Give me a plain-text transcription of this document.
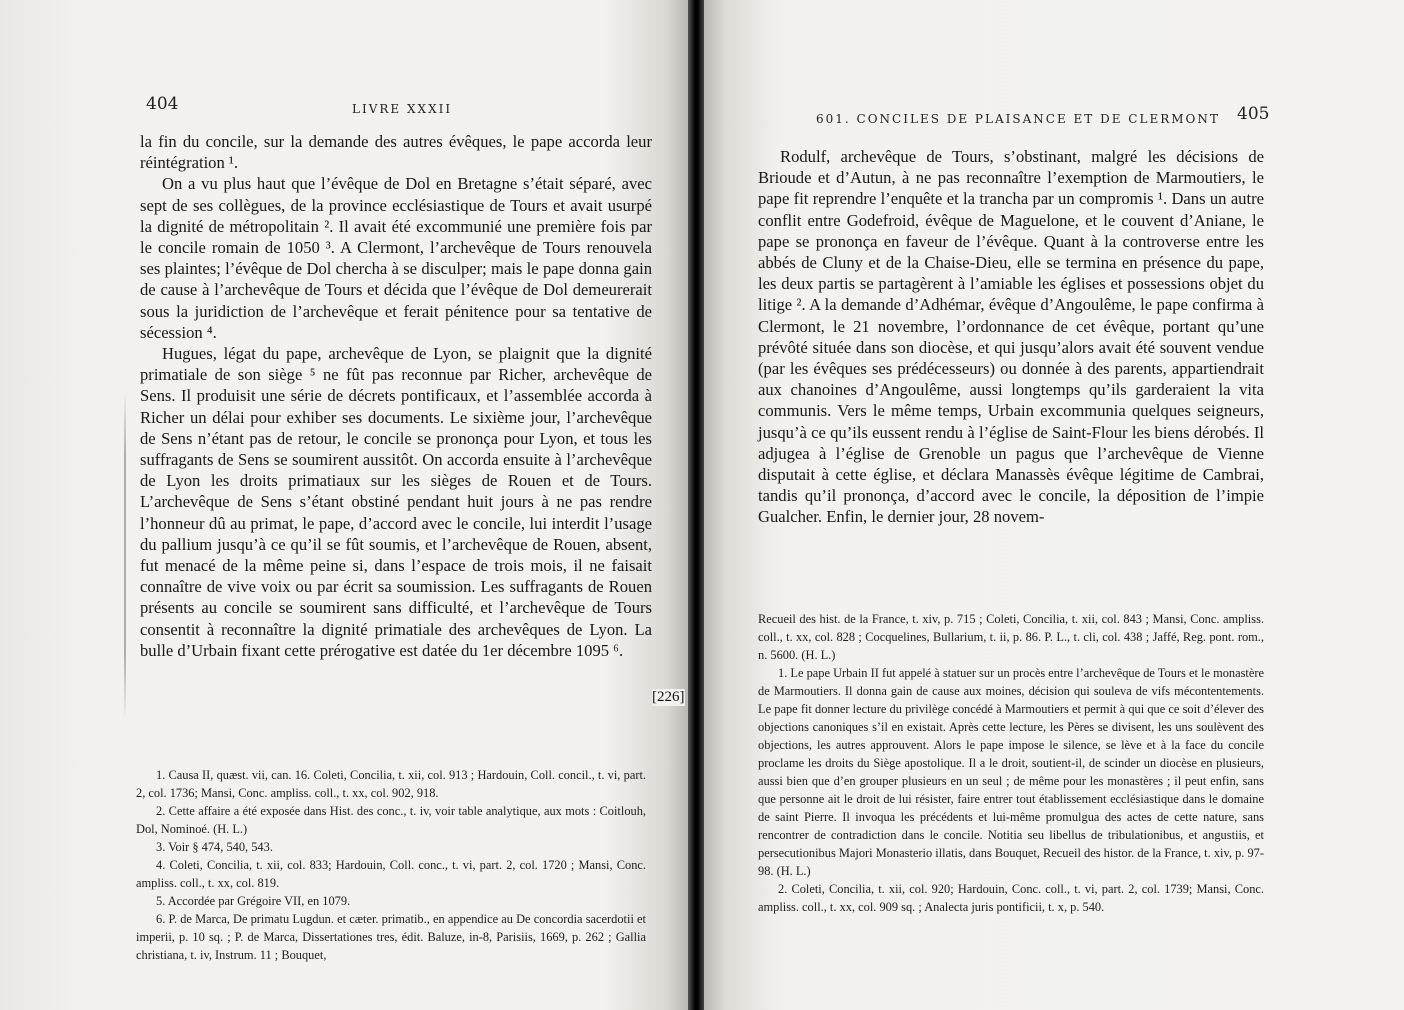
404	LIVRE XXXII

la fin du concile, sur la demande des autres évêques, le pape accorda leur réintégration ¹.

On a vu plus haut que l’évêque de Dol en Bretagne s’était séparé, avec sept de ses collègues, de la province ecclésiastique de Tours et avait usurpé la dignité de métropolitain ². Il avait été excommunié une première fois par le concile romain de 1050 ³. A Clermont, l’archevêque de Tours renouvela ses plaintes; l’évêque de Dol chercha à se disculper; mais le pape donna gain de cause à l’archevêque de Tours et décida que l’évêque de Dol demeurerait sous la juridiction de l’archevêque et ferait pénitence pour sa tentative de sécession ⁴.

Hugues, légat du pape, archevêque de Lyon, se plaignit que la dignité primatiale de son siège ⁵ ne fût pas reconnue par Richer, archevêque de Sens. Il produisit une série de décrets pontificaux, et l’assemblée accorda à Richer un délai pour exhiber ses documents. Le sixième jour, l’archevêque de Sens n’étant pas de retour, le concile se prononça pour Lyon, et tous les suffragants de Sens se soumirent aussitôt. On accorda ensuite à l’archevêque de Lyon les droits primatiaux sur les sièges de Rouen et de Tours. L’archevêque de Sens s’étant obstiné pendant huit jours à ne pas rendre l’honneur dû au primat, le pape, d’accord avec le concile, lui interdit l’usage du pallium jusqu’à ce qu’il se fût soumis, et l’archevêque de Rouen, absent, fut menacé de la même peine si, dans l’espace de trois mois, il ne faisait connaître de vive voix ou par écrit sa soumission. Les suffragants de Rouen présents au concile se soumirent sans difficulté, et l’archevêque de Tours consentit à reconnaître la dignité primatiale des archevêques de Lyon. La bulle d’Urbain fixant cette prérogative est datée du 1er décembre 1095 ⁶.

1. Causa II, quæst. vii, can. 16. Coleti, Concilia, t. xii, col. 913 ; Hardouin, Coll. concil., t. vi, part. 2, col. 1736; Mansi, Conc. ampliss. coll., t. xx, col. 902, 918.

2. Cette affaire a été exposée dans Hist. des conc., t. iv, voir table analytique, aux mots : Coitlouh, Dol, Nominoé. (H. L.)

3. Voir § 474, 540, 543.

4. Coleti, Concilia, t. xii, col. 833; Hardouin, Coll. conc., t. vi, part. 2, col. 1720 ; Mansi, Conc. ampliss. coll., t. xx, col. 819.

5. Accordée par Grégoire VII, en 1079.

6. P. de Marca, De primatu Lugdun. et cæter. primatib., en appendice au De concordia sacerdotii et imperii, p. 10 sq. ; P. de Marca, Dissertationes tres, édit. Baluze, in-8, Parisiis, 1669, p. 262 ; Gallia christiana, t. iv, Instrum. 11 ; Bouquet,

[226]
601. CONCILES DE PLAISANCE ET DE CLERMONT 405

Rodulf, archevêque de Tours, s’obstinant, malgré les décisions de Brioude et d’Autun, à ne pas reconnaître l’exemption de Marmoutiers, le pape fit reprendre l’enquête et la trancha par un compromis ¹. Dans un autre conflit entre Godefroid, évêque de Maguelone, et le couvent d’Aniane, le pape se prononça en faveur de l’évêque. Quant à la controverse entre les abbés de Cluny et de la Chaise-Dieu, elle se termina en présence du pape, les deux partis se partagèrent à l’amiable les églises et possessions objet du litige ². A la demande d’Adhémar, évêque d’Angoulême, le pape confirma à Clermont, le 21 novembre, l’ordonnance de cet évêque, portant qu’une prévôté située dans son diocèse, et qui jusqu’alors avait été souvent vendue (par les évêques ses prédécesseurs) ou donnée à des parents, appartiendrait aux chanoines d’Angoulême, aussi longtemps qu’ils garderaient la vita communis. Vers le même temps, Urbain excommunia quelques seigneurs, jusqu’à ce qu’ils eussent rendu à l’église de Saint-Flour les biens dérobés. Il adjugea à l’église de Grenoble un pagus que l’archevêque de Vienne disputait à cette église, et déclara Manassès évêque légitime de Cambrai, tandis qu’il prononça, d’accord avec le concile, la déposition de l’impie Gualcher. Enfin, le dernier jour, 28 novem-

Recueil des hist. de la France, t. xiv, p. 715 ; Coleti, Concilia, t. xii, col. 843 ; Mansi, Conc. ampliss. coll., t. xx, col. 828 ; Cocquelines, Bullarium, t. ii, p. 86. P. L., t. cli, col. 438 ; Jaffé, Reg. pont. rom., n. 5600. (H. L.)

1. Le pape Urbain II fut appelé à statuer sur un procès entre l’archevêque de Tours et le monastère de Marmoutiers. Il donna gain de cause aux moines, décision qui souleva de vifs mécontentements. Le pape fit donner lecture du privilège concédé à Marmoutiers et permit à qui que ce soit d’élever des objections canoniques s’il en existait. Après cette lecture, les Pères se divisent, les uns soulèvent des objections, les autres approuvent. Alors le pape impose le silence, se lève et à la face du concile proclame les droits du Siège apostolique. Il a le droit, soutient-il, de scinder un diocèse en plusieurs, aussi bien que d’en grouper plusieurs en un seul ; de même pour les monastères ; il peut enfin, sans que personne ait le droit de lui résister, faire entrer tout établissement ecclésiastique dans le domaine de saint Pierre. Il invoqua les précédents et lui-même promulgua des actes de cette nature, sans rencontrer de contradiction dans le concile. Notitia seu libellus de tribulationibus, et angustiis, et persecutionibus Majori Monasterio illatis, dans Bouquet, Recueil des histor. de la France, t. xiv, p. 97-98. (H. L.)

2. Coleti, Concilia, t. xii, col. 920; Hardouin, Conc. coll., t. vi, part. 2, col. 1739; Mansi, Conc. ampliss. coll., t. xx, col. 909 sq. ; Analecta juris pontificii, t. x, p. 540.
